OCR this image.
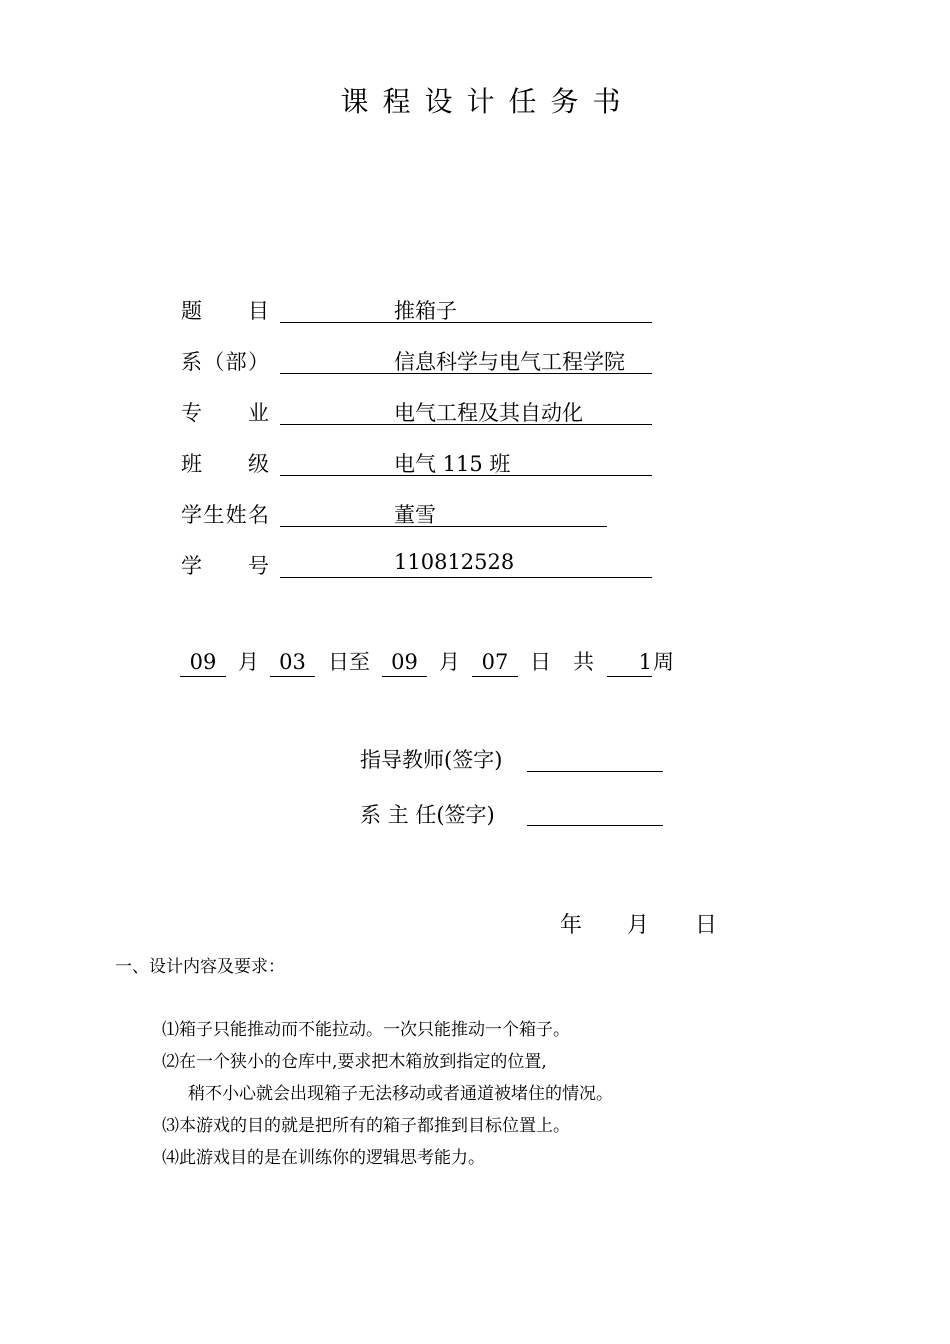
课程设计任务书
题目	推箱子
系（部）	信息科学与电气工程学院
专业	电气工程及其自动化
班级	电气 115 班
学生姓名	董雪
学号	110812528
09	月 03	日至	09	月	07	日 共	1 周
指导教师(签字)
系 主 任(签字)
年 月 日
一、设计内容及要求：
⑴箱子只能推动而不能拉动。一次只能推动一个箱子。
⑵在一个狭小的仓库中,要求把木箱放到指定的位置,
稍不小心就会出现箱子无法移动或者通道被堵住的情况。
⑶本游戏的目的就是把所有的箱子都推到目标位置上。
⑷此游戏目的是在训练你的逻辑思考能力。
